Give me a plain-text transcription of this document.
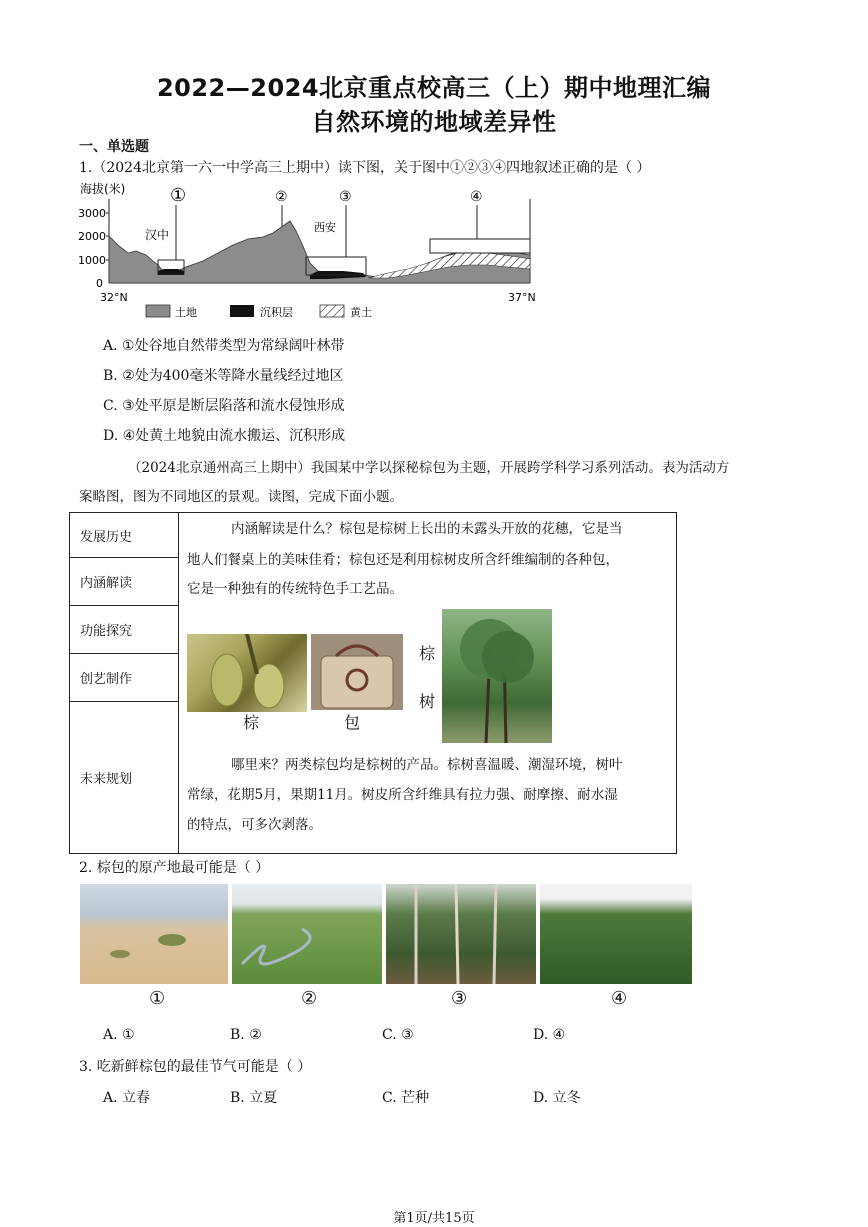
2022—2024北京重点校高三（上）期中地理汇编
自然环境的地域差异性
一、单选题
1.（2024北京第一六一中学高三上期中）读下图，关于图中①②③④四地叙述正确的是（ ）
海拔(米)
3000
2000
1000
0
①
汉中
②	③
西安
④
32°N	37°N
土地	沉积层	黄土
A. ①处谷地自然带类型为常绿阔叶林带
B. ②处为400毫米等降水量线经过地区
C. ③处平原是断层陷落和流水侵蚀形成
D. ④处黄土地貌由流水搬运、沉积形成
（2024北京通州高三上期中）我国某中学以探秘棕包为主题，开展跨学科学习系列活动。表为活动方
案略图，图为不同地区的景观。读图，完成下面小题。
发展历史	内涵解读是什么？棕包是棕树上长出的未露头开放的花穗，它是当
地人们餐桌上的美味佳肴；棕包还是利用棕树皮所含纤维编制的各种包，
它是一种独有的传统特色手工艺品。
棕	包
棕
树
哪里来？两类棕包均是棕树的产品。棕树喜温暖、潮湿环境，树叶
常绿，花期5月，果期11月。树皮所含纤维具有拉力强、耐摩擦、耐水湿
的特点，可多次剥落。

内涵解读
功能探究
创艺制作
未来规划
2. 棕包的原产地最可能是（ ）
①	②	③	④
A. ①	B. ②	C. ③	D. ④
3. 吃新鲜棕包的最佳节气可能是（ ）
A. 立春	B. 立夏	C. 芒种	D. 立冬
第1页/共15页
